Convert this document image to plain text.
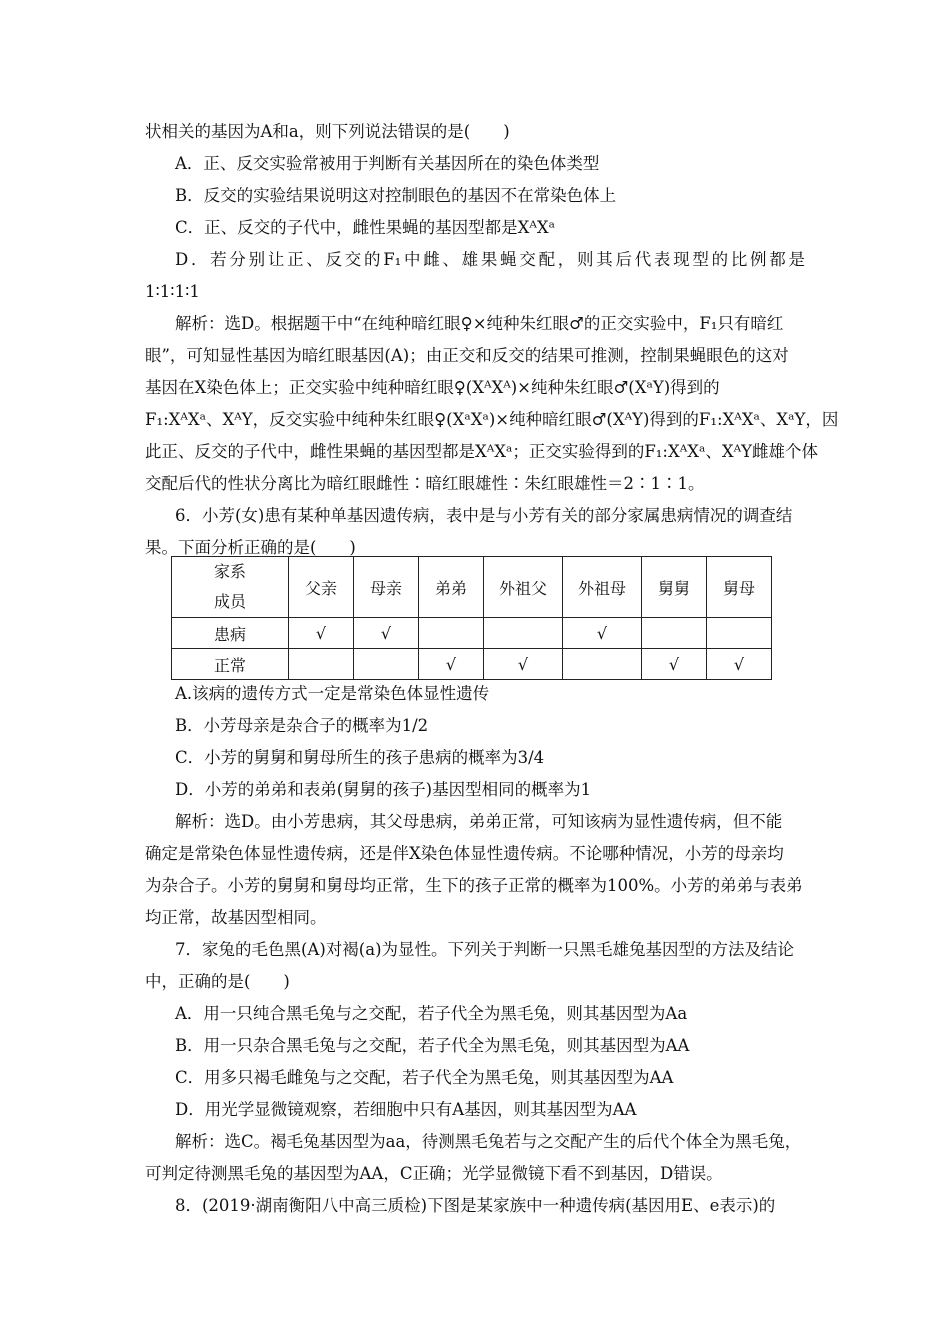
状相关的基因为A和a，则下列说法错误的是(　　)
A．正、反交实验常被用于判断有关基因所在的染色体类型
B．反交的实验结果说明这对控制眼色的基因不在常染色体上
C．正、反交的子代中，雌性果蝇的基因型都是XᴬXᵃ
D．若分别让正、反交的F₁中雌、雄果蝇交配，则其后代表现型的比例都是
1∶1∶1∶1
解析：选D。根据题干中“在纯种暗红眼♀×纯种朱红眼♂的正交实验中，F₁只有暗红
眼”，可知显性基因为暗红眼基因(A)；由正交和反交的结果可推测，控制果蝇眼色的这对
基因在X染色体上；正交实验中纯种暗红眼♀(XᴬXᴬ)×纯种朱红眼♂(XᵃY)得到的
F₁:XᴬXᵃ、XᴬY，反交实验中纯种朱红眼♀(XᵃXᵃ)×纯种暗红眼♂(XᴬY)得到的F₁:XᴬXᵃ、XᵃY，因
此正、反交的子代中，雌性果蝇的基因型都是XᴬXᵃ；正交实验得到的F₁:XᴬXᵃ、XᴬY雌雄个体
交配后代的性状分离比为暗红眼雌性∶暗红眼雄性∶朱红眼雄性＝2∶1∶1。
6．小芳(女)患有某种单基因遗传病，表中是与小芳有关的部分家属患病情况的调查结
果。下面分析正确的是(　　)
家系
成员	父亲	母亲	弟弟	外祖父	外祖母	舅舅	舅母
患病	√	√			√		
正常			√	√		√	√
A.该病的遗传方式一定是常染色体显性遗传
B．小芳母亲是杂合子的概率为1/2
C．小芳的舅舅和舅母所生的孩子患病的概率为3/4
D．小芳的弟弟和表弟(舅舅的孩子)基因型相同的概率为1
解析：选D。由小芳患病，其父母患病，弟弟正常，可知该病为显性遗传病，但不能
确定是常染色体显性遗传病，还是伴X染色体显性遗传病。不论哪种情况，小芳的母亲均
为杂合子。小芳的舅舅和舅母均正常，生下的孩子正常的概率为100%。小芳的弟弟与表弟
均正常，故基因型相同。
7．家兔的毛色黑(A)对褐(a)为显性。下列关于判断一只黑毛雄兔基因型的方法及结论
中，正确的是(　　)
A．用一只纯合黑毛兔与之交配，若子代全为黑毛兔，则其基因型为Aa
B．用一只杂合黑毛兔与之交配，若子代全为黑毛兔，则其基因型为AA
C．用多只褐毛雌兔与之交配，若子代全为黑毛兔，则其基因型为AA
D．用光学显微镜观察，若细胞中只有A基因，则其基因型为AA
解析：选C。褐毛兔基因型为aa，待测黑毛兔若与之交配产生的后代个体全为黑毛兔，
可判定待测黑毛兔的基因型为AA，C正确；光学显微镜下看不到基因，D错误。
8．(2019·湖南衡阳八中高三质检)下图是某家族中一种遗传病(基因用E、e表示)的
